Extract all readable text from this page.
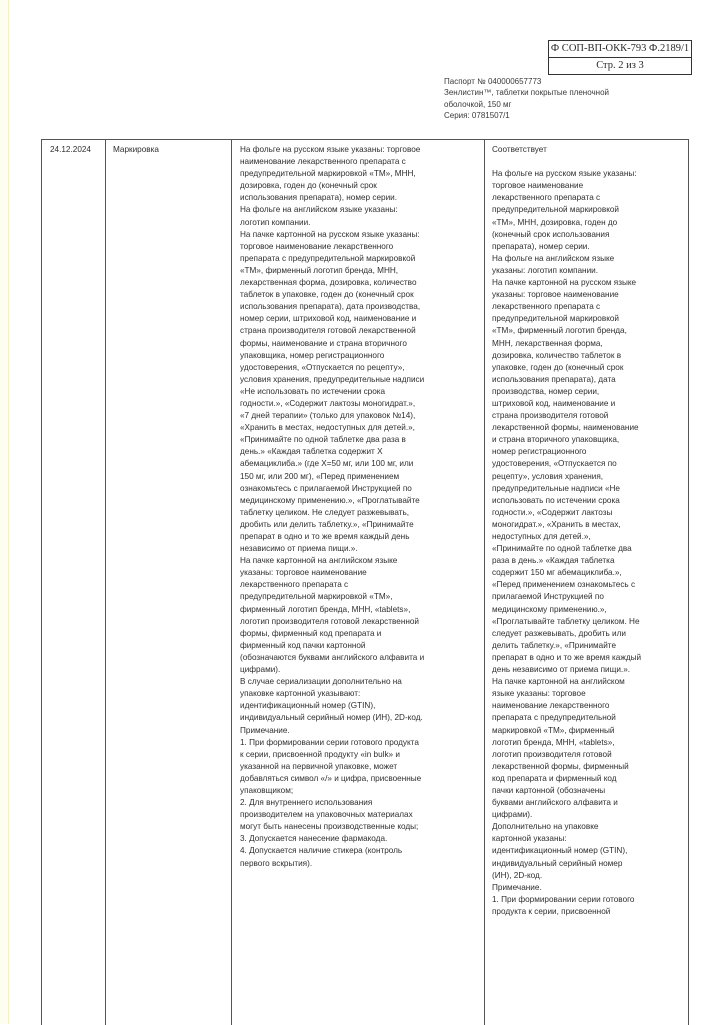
Ф СОП-ВП-ОКК-793 Ф.2189/1
Стр. 2 из 3
Паспорт № 040000657773
Зенлистин™, таблетки покрытые пленочной
оболочкой, 150 мг
Серия: 0781507/1
24.12.2024	Маркировка	На фольге на русском языке указаны: торговое
наименование лекарственного препарата с
предупредительной маркировкой «ТМ», МНН,
дозировка, годен до (конечный срок
использования препарата), номер серии.
На фольге на английском языке указаны:
логотип компании.
На пачке картонной на русском языке указаны:
торговое наименование лекарственного
препарата с предупредительной маркировкой
«ТМ», фирменный логотип бренда, МНН,
лекарственная форма, дозировка, количество
таблеток в упаковке, годен до (конечный срок
использования препарата), дата производства,
номер серии, штриховой код, наименование и
страна производителя готовой лекарственной
формы, наименование и страна вторичного
упаковщика, номер регистрационного
удостоверения, «Отпускается по рецепту»,
условия хранения, предупредительные надписи
«Не использовать по истечении срока
годности.», «Содержит лактозы моногидрат.»,
«7 дней терапии» (только для упаковок №14),
«Хранить в местах, недоступных для детей.»,
«Принимайте по одной таблетке два раза в
день.» «Каждая таблетка содержит X
абемациклиба.» (где X=50 мг, или 100 мг, или
150 мг, или 200 мг), «Перед применением
ознакомьтесь с прилагаемой Инструкцией по
медицинскому применению.», «Проглатывайте
таблетку целиком. Не следует разжевывать,
дробить или делить таблетку.», «Принимайте
препарат в одно и то же время каждый день
независимо от приема пищи.».
На пачке картонной на английском языке
указаны: торговое наименование
лекарственного препарата с
предупредительной маркировкой «ТМ»,
фирменный логотип бренда, МНН, «tablets»,
логотип производителя готовой лекарственной
формы, фирменный код препарата и
фирменный код пачки картонной
(обозначаются буквами английского алфавита и
цифрами).
В случае сериализации дополнительно на
упаковке картонной указывают:
идентификационный номер (GTIN),
индивидуальный серийный номер (ИН), 2D-код.
Примечание.
1. При формировании серии готового продукта
к серии, присвоенной продукту «in bulk» и
указанной на первичной упаковке, может
добавляться символ «/» и цифра, присвоенные
упаковщиком;
2. Для внутреннего использования
производителем на упаковочных материалах
могут быть нанесены производственные коды;
3. Допускается нанесение фармакода.
4. Допускается наличие стикера (контроль
первого вскрытия).
Соответствует

На фольге на русском языке указаны:
торговое наименование
лекарственного препарата с
предупредительной маркировкой
«ТМ», МНН, дозировка, годен до
(конечный срок использования
препарата), номер серии.
На фольге на английском языке
указаны: логотип компании.
На пачке картонной на русском языке
указаны: торговое наименование
лекарственного препарата с
предупредительной маркировкой
«ТМ», фирменный логотип бренда,
МНН, лекарственная форма,
дозировка, количество таблеток в
упаковке, годен до (конечный срок
использования препарата), дата
производства, номер серии,
штриховой код, наименование и
страна производителя готовой
лекарственной формы, наименование
и страна вторичного упаковщика,
номер регистрационного
удостоверения, «Отпускается по
рецепту», условия хранения,
предупредительные надписи «Не
использовать по истечении срока
годности.», «Содержит лактозы
моногидрат.», «Хранить в местах,
недоступных для детей.»,
«Принимайте по одной таблетке два
раза в день.» «Каждая таблетка
содержит 150 мг абемациклиба.»,
«Перед применением ознакомьтесь с
прилагаемой Инструкцией по
медицинскому применению.»,
«Проглатывайте таблетку целиком. Не
следует разжевывать, дробить или
делить таблетку.», «Принимайте
препарат в одно и то же время каждый
день независимо от приема пищи.».
На пачке картонной на английском
языке указаны: торговое
наименование лекарственного
препарата с предупредительной
маркировкой «ТМ», фирменный
логотип бренда, МНН, «tablets»,
логотип производителя готовой
лекарственной формы, фирменный
код препарата и фирменный код
пачки картонной (обозначены
буквами английского алфавита и
цифрами).
Дополнительно на упаковке
картонной указаны:
идентификационный номер (GTIN),
индивидуальный серийный номер
(ИН), 2D-код.
Примечание.
1. При формировании серии готового
продукта к серии, присвоенной
